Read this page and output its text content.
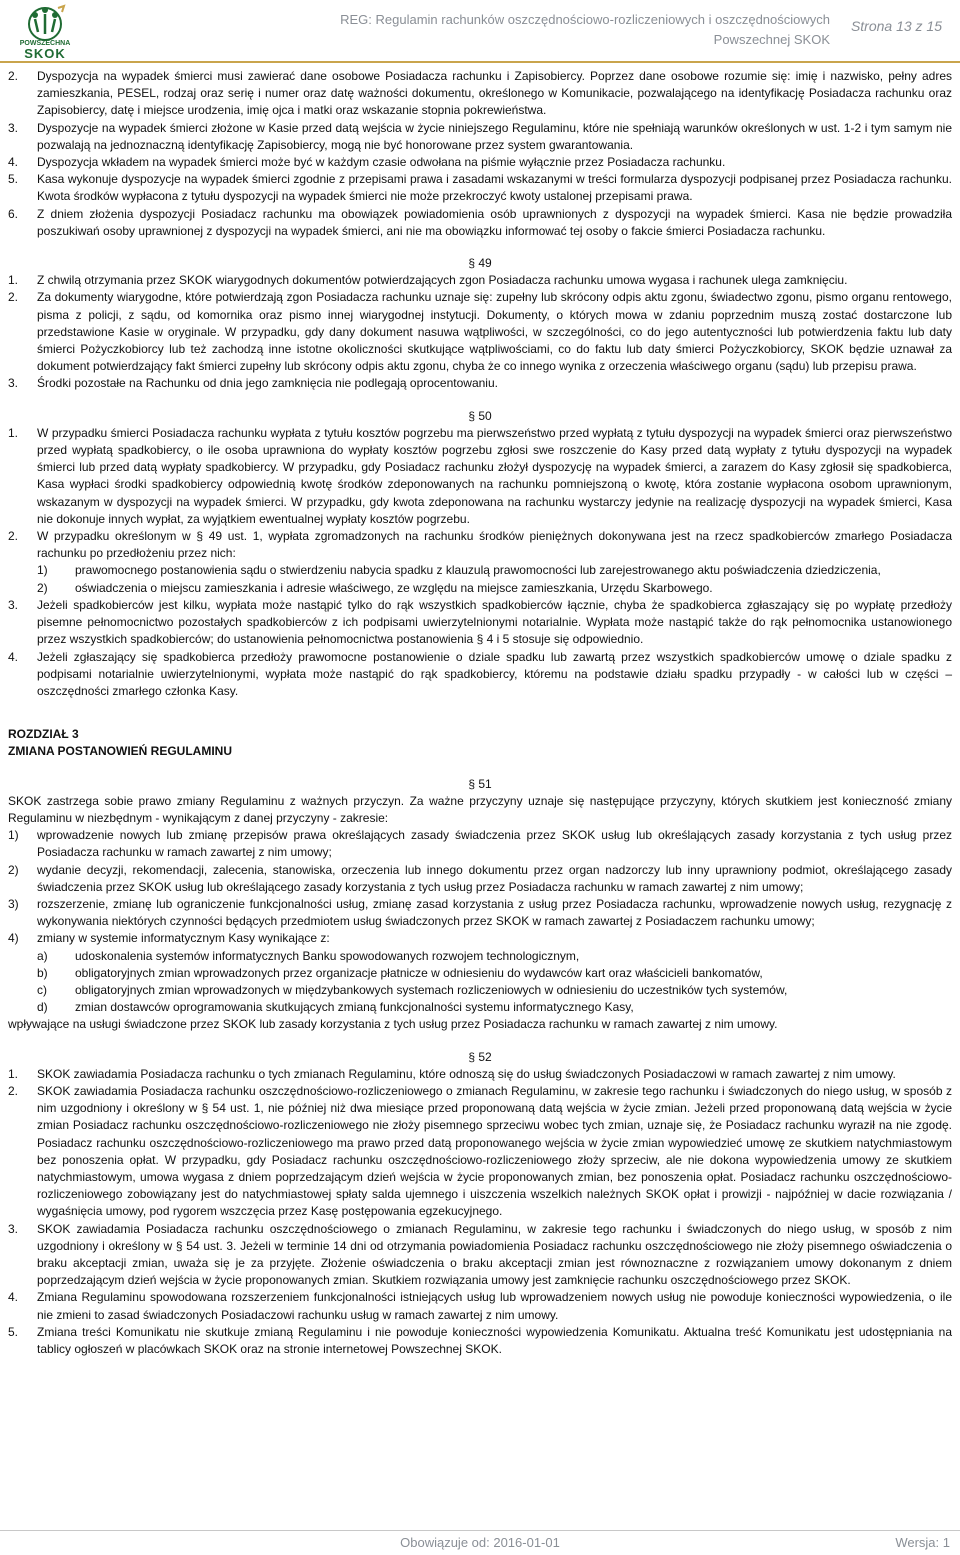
POWSZECHNA
SKOK
REG: Regulamin rachunków oszczędnościowo-rozliczeniowych i oszczędnościowych
Powszechnej SKOK
Strona 13 z 15
2.	Dyspozycja na wypadek śmierci musi zawierać dane osobowe Posiadacza rachunku i Zapisobiercy. Poprzez dane osobowe rozumie się: imię i nazwisko, pełny adres zamieszkania, PESEL, rodzaj oraz serię i numer oraz datę ważności dokumentu, określonego w Komunikacie, pozwalającego na identyfikację Posiadacza rachunku oraz Zapisobiercy, datę i miejsce urodzenia, imię ojca i matki oraz wskazanie stopnia pokrewieństwa.
3.	Dyspozycje na wypadek śmierci złożone w Kasie przed datą wejścia w życie niniejszego Regulaminu, które nie spełniają warunków określonych w ust. 1-2 i tym samym nie pozwalają na jednoznaczną identyfikację Zapisobiercy, mogą nie być honorowane przez system gwarantowania.
4.	Dyspozycja wkładem na wypadek śmierci może być w każdym czasie odwołana na piśmie wyłącznie przez Posiadacza rachunku.
5.	Kasa wykonuje dyspozycje na wypadek śmierci zgodnie z przepisami prawa i zasadami wskazanymi w treści formularza dyspozycji podpisanej przez Posiadacza rachunku. Kwota środków wypłacona z tytułu dyspozycji na wypadek śmierci nie może przekroczyć kwoty ustalonej przepisami prawa.
6.	Z dniem złożenia dyspozycji Posiadacz rachunku ma obowiązek powiadomienia osób uprawnionych z dyspozycji na wypadek śmierci. Kasa nie będzie prowadziła poszukiwań osoby uprawnionej z dyspozycji na wypadek śmierci, ani nie ma obowiązku informować tej osoby o fakcie śmierci Posiadacza rachunku.
§ 49
1.	Z chwilą otrzymania przez SKOK wiarygodnych dokumentów potwierdzających zgon Posiadacza rachunku umowa wygasa i rachunek ulega zamknięciu.
2.	Za dokumenty wiarygodne, które potwierdzają zgon Posiadacza rachunku uznaje się: zupełny lub skrócony odpis aktu zgonu, świadectwo zgonu, pismo organu rentowego, pisma z policji, z sądu, od komornika oraz pismo innej wiarygodnej instytucji. Dokumenty, o których mowa w zdaniu poprzednim muszą zostać dostarczone lub przedstawione Kasie w oryginale. W przypadku, gdy dany dokument nasuwa wątpliwości, w szczególności, co do jego autentyczności lub potwierdzenia faktu lub daty śmierci Pożyczkobiorcy lub też zachodzą inne istotne okoliczności skutkujące wątpliwościami, co do faktu lub daty śmierci Pożyczkobiorcy, SKOK będzie uznawał za dokument potwierdzający fakt śmierci zupełny lub skrócony odpis aktu zgonu, chyba że co innego wynika z orzeczenia właściwego organu (sądu) lub przepisu prawa.
3.	Środki pozostałe na Rachunku od dnia jego zamknięcia nie podlegają oprocentowaniu.
§ 50
1.	W przypadku śmierci Posiadacza rachunku wypłata z tytułu kosztów pogrzebu ma pierwszeństwo przed wypłatą z tytułu dyspozycji na wypadek śmierci oraz pierwszeństwo przed wypłatą spadkobiercy, o ile osoba uprawniona do wypłaty kosztów pogrzebu zgłosi swe roszczenie do Kasy przed datą wypłaty z tytułu dyspozycji na wypadek śmierci lub przed datą wypłaty spadkobiercy. W przypadku, gdy Posiadacz rachunku złożył dyspozycję na wypadek śmierci, a zarazem do Kasy zgłosił się spadkobierca, Kasa wypłaci środki spadkobiercy odpowiednią kwotę środków zdeponowanych na rachunku pomniejszoną o kwotę, która zostanie wypłacona osobom uprawnionym, wskazanym w dyspozycji na wypadek śmierci. W przypadku, gdy kwota zdeponowana na rachunku wystarczy jedynie na realizację dyspozycji na wypadek śmierci, Kasa nie dokonuje innych wypłat, za wyjątkiem ewentualnej wypłaty kosztów pogrzebu.
2.	W przypadku określonym w § 49 ust. 1, wypłata zgromadzonych na rachunku środków pieniężnych dokonywana jest na rzecz spadkobierców zmarłego Posiadacza rachunku po przedłożeniu przez nich:
1)	prawomocnego postanowienia sądu o stwierdzeniu nabycia spadku z klauzulą prawomocności lub zarejestrowanego aktu poświadczenia dziedziczenia,
2)	oświadczenia o miejscu zamieszkania i adresie właściwego, ze względu na miejsce zamieszkania, Urzędu Skarbowego.
3.	Jeżeli spadkobierców jest kilku, wypłata może nastąpić tylko do rąk wszystkich spadkobierców łącznie, chyba że spadkobierca zgłaszający się po wypłatę przedłoży pisemne pełnomocnictwo pozostałych spadkobierców z ich podpisami uwierzytelnionymi notarialnie. Wypłata może nastąpić także do rąk pełnomocnika ustanowionego przez wszystkich spadkobierców; do ustanowienia pełnomocnictwa postanowienia § 4 i 5 stosuje się odpowiednio.
4.	Jeżeli zgłaszający się spadkobierca przedłoży prawomocne postanowienie o dziale spadku lub zawartą przez wszystkich spadkobierców umowę o dziale spadku z podpisami notarialnie uwierzytelnionymi, wypłata może nastąpić do rąk spadkobiercy, któremu na podstawie działu spadku przypadły - w całości lub w części – oszczędności zmarłego członka Kasy.
ROZDZIAŁ 3
ZMIANA POSTANOWIEŃ REGULAMINU
§ 51
SKOK zastrzega sobie prawo zmiany Regulaminu z ważnych przyczyn. Za ważne przyczyny uznaje się następujące przyczyny, których skutkiem jest konieczność zmiany Regulaminu w niezbędnym - wynikającym z danej przyczyny - zakresie:
1)	wprowadzenie nowych lub zmianę przepisów prawa określających zasady świadczenia przez SKOK usług lub określających zasady korzystania z tych usług przez Posiadacza rachunku w ramach zawartej z nim umowy;
2)	wydanie decyzji, rekomendacji, zalecenia, stanowiska, orzeczenia lub innego dokumentu przez organ nadzorczy lub inny uprawniony podmiot, określającego zasady świadczenia przez SKOK usług lub określającego zasady korzystania z tych usług przez Posiadacza rachunku w ramach zawartej z nim umowy;
3)	rozszerzenie, zmianę lub ograniczenie funkcjonalności usług, zmianę zasad korzystania z usług przez Posiadacza rachunku, wprowadzenie nowych usług, rezygnację z wykonywania niektórych czynności będących przedmiotem usług świadczonych przez SKOK w ramach zawartej z Posiadaczem rachunku umowy;
4)	zmiany w systemie informatycznym Kasy wynikające z:
a)	udoskonalenia systemów informatycznych Banku spowodowanych rozwojem technologicznym,
b)	obligatoryjnych zmian wprowadzonych przez organizacje płatnicze w odniesieniu do wydawców kart oraz właścicieli bankomatów,
c)	obligatoryjnych zmian wprowadzonych w międzybankowych systemach rozliczeniowych w odniesieniu do uczestników tych systemów,
d)	zmian dostawców oprogramowania skutkujących zmianą funkcjonalności systemu informatycznego Kasy,
wpływające na usługi świadczone przez SKOK lub zasady korzystania z tych usług przez Posiadacza rachunku w ramach zawartej z nim umowy.
§ 52
1.	SKOK zawiadamia Posiadacza rachunku o tych zmianach Regulaminu, które odnoszą się do usług świadczonych Posiadaczowi w ramach zawartej z nim umowy.
2.	SKOK zawiadamia Posiadacza rachunku oszczędnościowo-rozliczeniowego o zmianach Regulaminu, w zakresie tego rachunku i świadczonych do niego usług, w sposób z nim uzgodniony i określony w § 54 ust. 1, nie później niż dwa miesiące przed proponowaną datą wejścia w życie zmian. Jeżeli przed proponowaną datą wejścia w życie zmian Posiadacz rachunku oszczędnościowo-rozliczeniowego nie złoży pisemnego sprzeciwu wobec tych zmian, uznaje się, że Posiadacz rachunku wyraził na nie zgodę. Posiadacz rachunku oszczędnościowo-rozliczeniowego ma prawo przed datą proponowanego wejścia w życie zmian wypowiedzieć umowę ze skutkiem natychmiastowym bez ponoszenia opłat. W przypadku, gdy Posiadacz rachunku oszczędnościowo-rozliczeniowego złoży sprzeciw, ale nie dokona wypowiedzenia umowy ze skutkiem natychmiastowym, umowa wygasa z dniem poprzedzającym dzień wejścia w życie proponowanych zmian, bez ponoszenia opłat. Posiadacz rachunku oszczędnościowo-rozliczeniowego zobowiązany jest do natychmiastowej spłaty salda ujemnego i uiszczenia wszelkich należnych SKOK opłat i prowizji - najpóźniej w dacie rozwiązania / wygaśnięcia umowy, pod rygorem wszczęcia przez Kasę postępowania egzekucyjnego.
3.	SKOK zawiadamia Posiadacza rachunku oszczędnościowego o zmianach Regulaminu, w zakresie tego rachunku i świadczonych do niego usług, w sposób z nim uzgodniony i określony w § 54 ust. 3. Jeżeli w terminie 14 dni od otrzymania powiadomienia Posiadacz rachunku oszczędnościowego nie złoży pisemnego oświadczenia o braku akceptacji zmian, uważa się je za przyjęte. Złożenie oświadczenia o braku akceptacji zmian jest równoznaczne z rozwiązaniem umowy dokonanym z dniem poprzedzającym dzień wejścia w życie proponowanych zmian. Skutkiem rozwiązania umowy jest zamknięcie rachunku oszczędnościowego przez SKOK.
4.	Zmiana Regulaminu spowodowana rozszerzeniem funkcjonalności istniejących usług lub wprowadzeniem nowych usług nie powoduje konieczności wypowiedzenia, o ile nie zmieni to zasad świadczonych Posiadaczowi rachunku usług w ramach zawartej z nim umowy.
5.	Zmiana treści Komunikatu nie skutkuje zmianą Regulaminu i nie powoduje konieczności wypowiedzenia Komunikatu. Aktualna treść Komunikatu jest udostępniania na tablicy ogłoszeń w placówkach SKOK oraz na stronie internetowej Powszechnej SKOK.
Obowiązuje od: 2016-01-01	Wersja: 1
